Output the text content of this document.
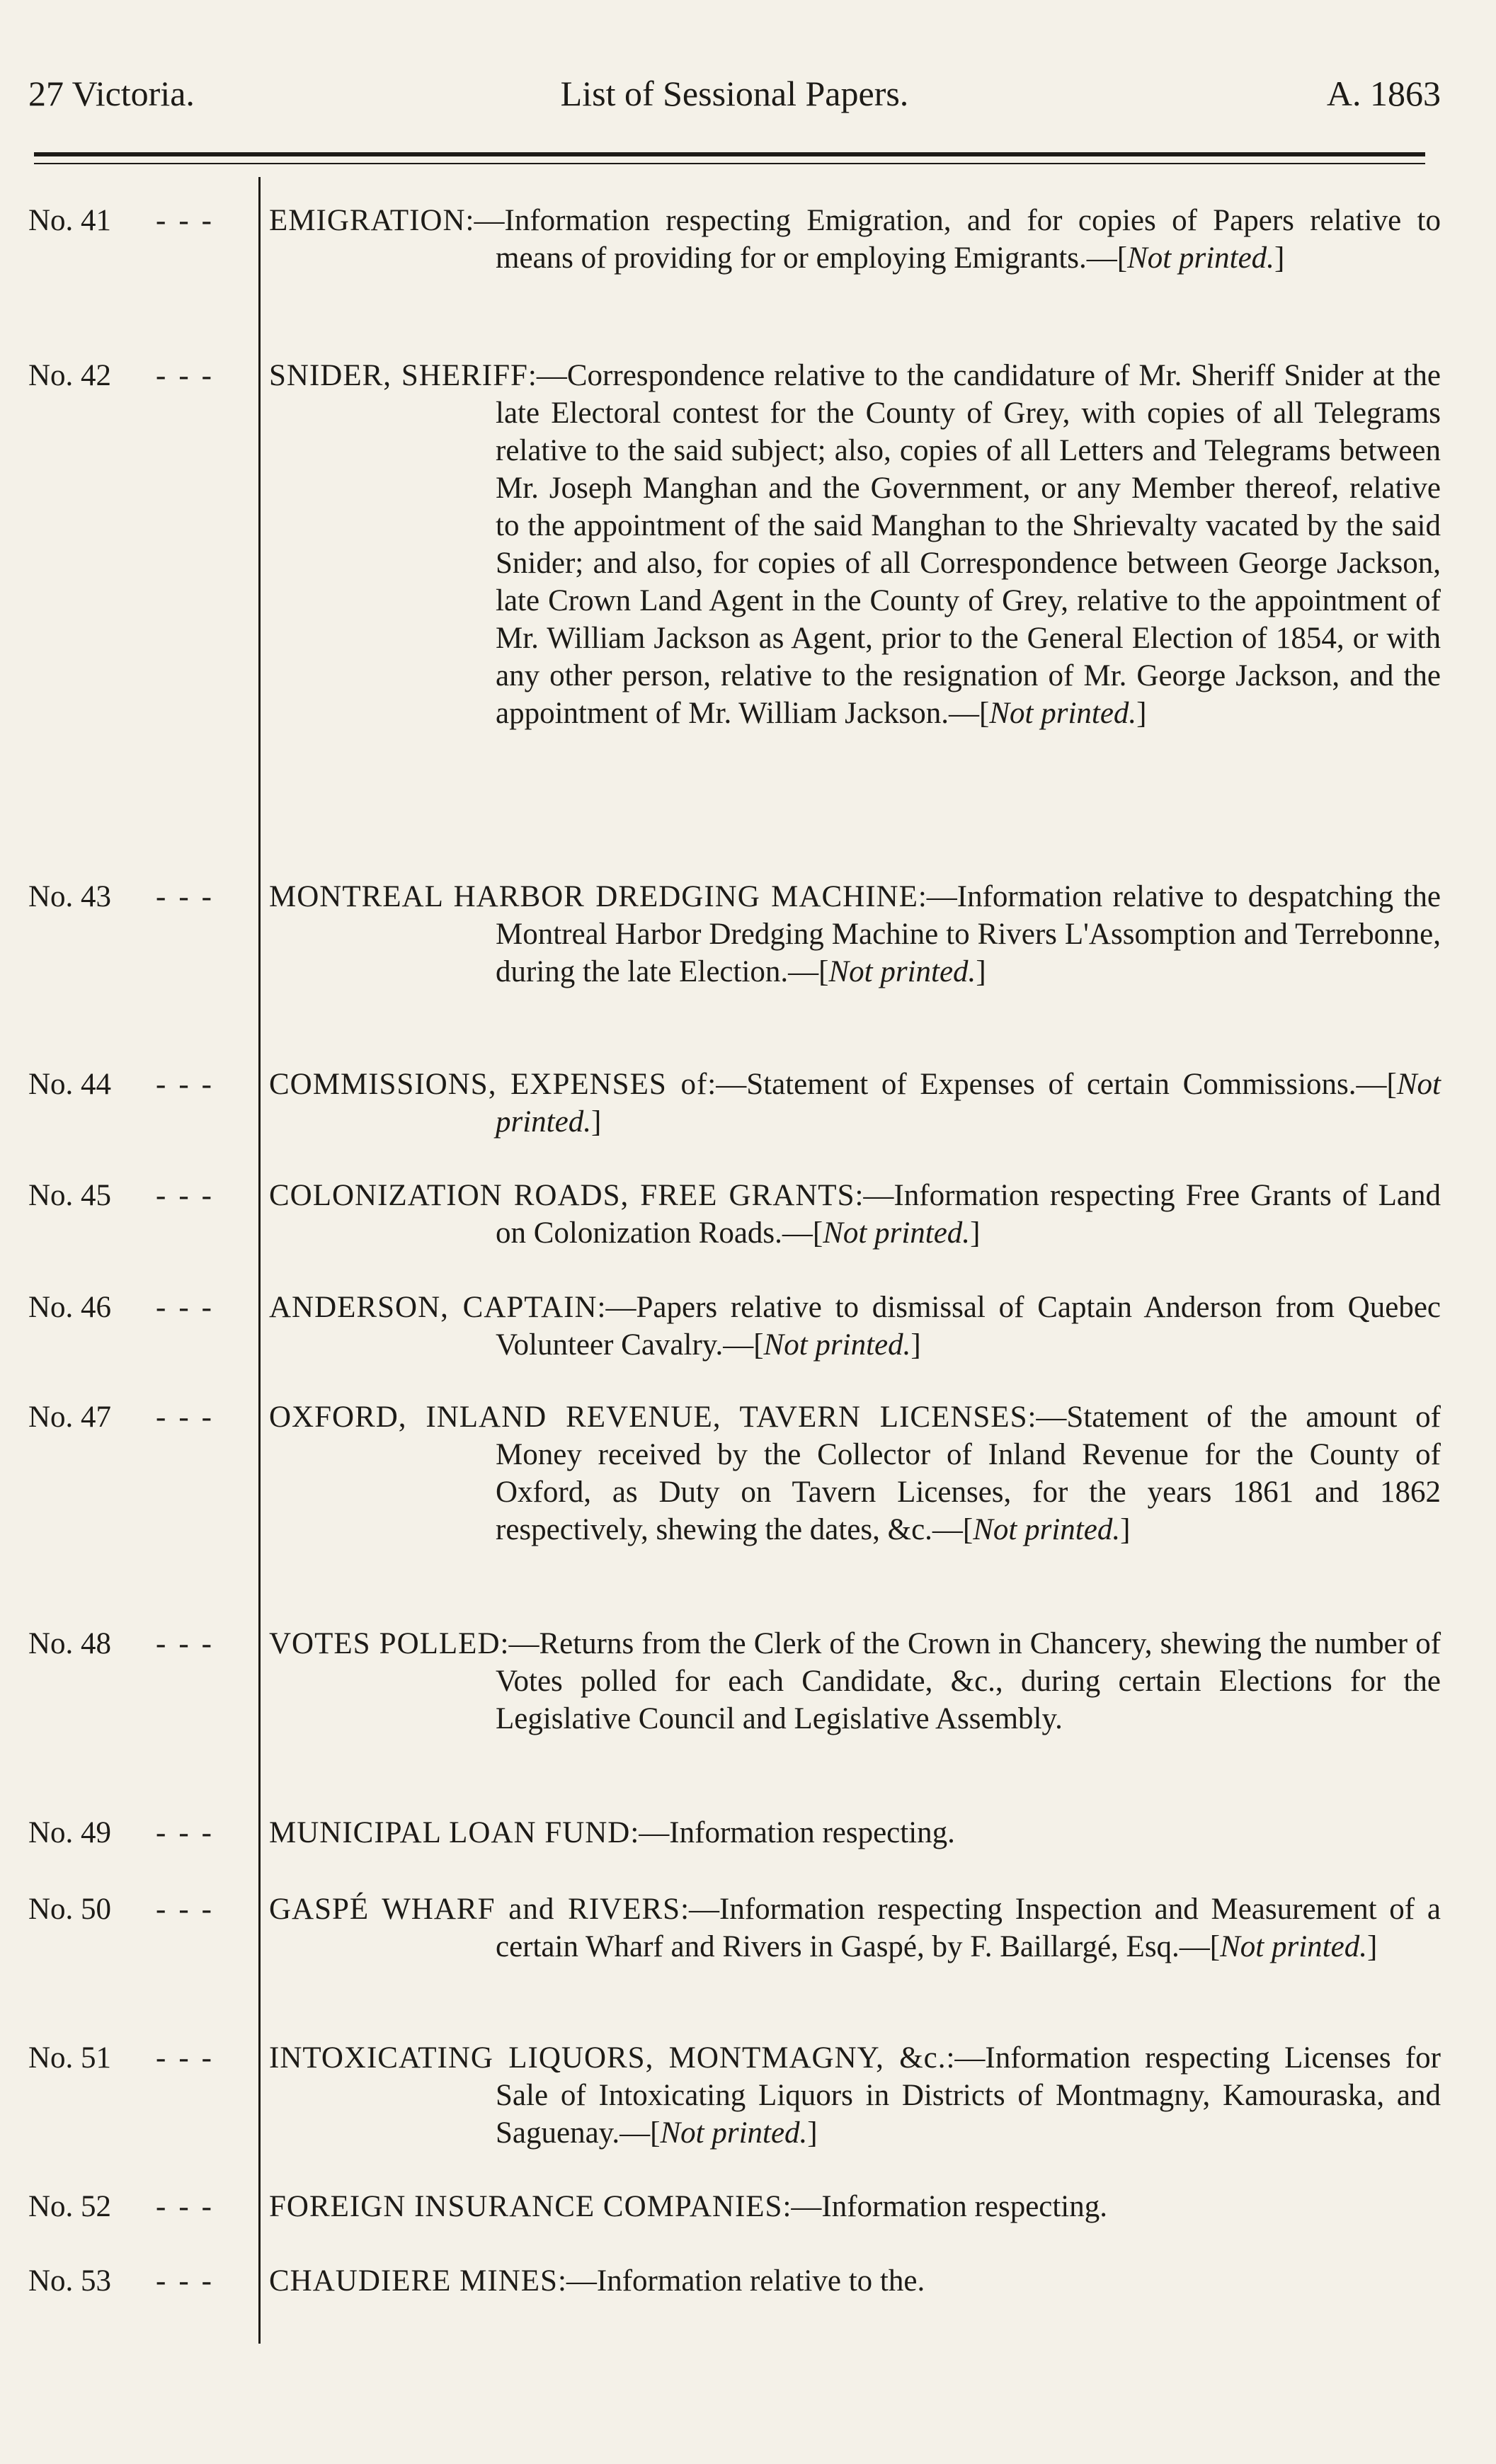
27 Victoria.	List of Sessional Papers.	A. 1863
No. 41	--- EMIGRATION:—Information respecting Emigration, and for copies of Papers relative to means of providing for or employing Emigrants.—[Not printed.]
No. 42	--- SNIDER, SHERIFF:—Correspondence relative to the candidature of Mr. Sheriff Snider at the late Electoral contest for the County of Grey, with copies of all Telegrams relative to the said subject; also, copies of all Letters and Telegrams between Mr. Joseph Manghan and the Government, or any Member thereof, relative to the appointment of the said Manghan to the Shrievalty vacated by the said Snider; and also, for copies of all Correspondence between George Jackson, late Crown Land Agent in the County of Grey, relative to the appointment of Mr. William Jackson as Agent, prior to the General Election of 1854, or with any other person, relative to the resignation of Mr. George Jackson, and the appointment of Mr. William Jackson.—[Not printed.]
No. 43	--- MONTREAL HARBOR DREDGING MACHINE:—Information relative to despatching the Montreal Harbor Dredging Machine to Rivers L'Assomption and Terrebonne, during the late Election.—[Not printed.]
No. 44	--- COMMISSIONS, EXPENSES of:—Statement of Expenses of certain Commissions.—[Not printed.]
No. 45	--- COLONIZATION ROADS, FREE GRANTS:—Information respecting Free Grants of Land on Colonization Roads.—[Not printed.]
No. 46	--- ANDERSON, CAPTAIN:—Papers relative to dismissal of Captain Anderson from Quebec Volunteer Cavalry.—[Not printed.]
No. 47	--- OXFORD, INLAND REVENUE, TAVERN LICENSES:—Statement of the amount of Money received by the Collector of Inland Revenue for the County of Oxford, as Duty on Tavern Licenses, for the years 1861 and 1862 respectively, shewing the dates, &c.—[Not printed.]
No. 48	--- VOTES POLLED:—Returns from the Clerk of the Crown in Chancery, shewing the number of Votes polled for each Candidate, &c., during certain Elections for the Legislative Council and Legislative Assembly.
No. 49	--- MUNICIPAL LOAN FUND:—Information respecting.
No. 50	--- GASPÉ WHARF and RIVERS:—Information respecting Inspection and Measurement of a certain Wharf and Rivers in Gaspé, by F. Baillargé, Esq.—[Not printed.]
No. 51	--- INTOXICATING LIQUORS, MONTMAGNY, &c.:—Information respecting Licenses for Sale of Intoxicating Liquors in Districts of Montmagny, Kamouraska, and Saguenay.—[Not printed.]
No. 52	--- FOREIGN INSURANCE COMPANIES:—Information respecting.
No. 53	--- CHAUDIERE MINES:—Information relative to the.
